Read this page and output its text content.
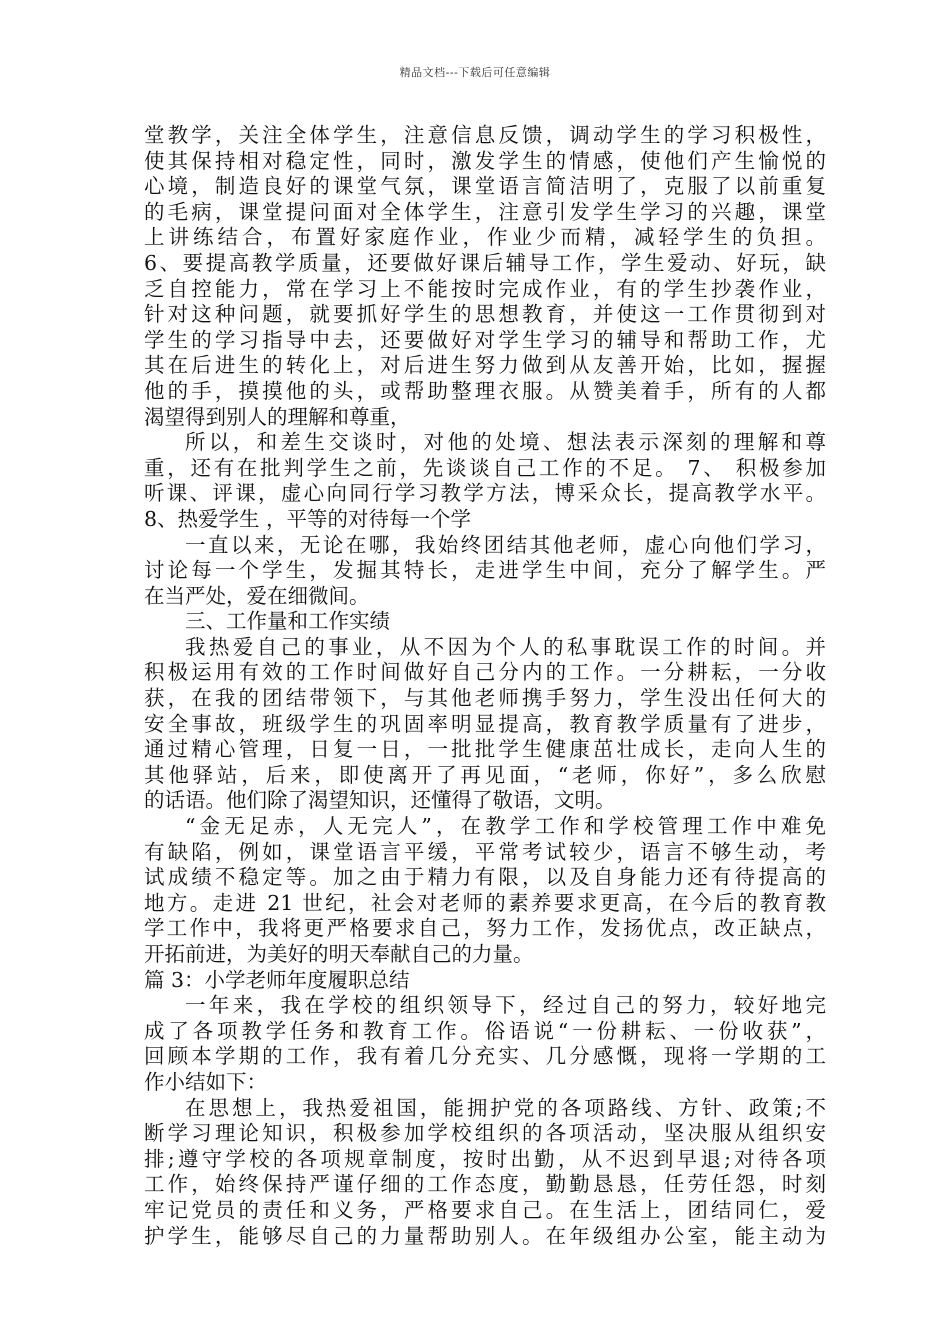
精品文档---下载后可任意编辑
堂教学，关注全体学生，注意信息反馈，调动学生的学习积极性，
使其保持相对稳定性，同时，激发学生的情感，使他们产生愉悦的
心境，制造良好的课堂气氛，课堂语言简洁明了，克服了以前重复
的毛病，课堂提问面对全体学生，注意引发学生学习的兴趣，课堂
上讲练结合，布置好家庭作业，作业少而精，减轻学生的负担。
6、要提高教学质量，还要做好课后辅导工作，学生爱动、好玩，缺
乏自控能力，常在学习上不能按时完成作业，有的学生抄袭作业，
针对这种问题，就要抓好学生的思想教育，并使这一工作贯彻到对
学生的学习指导中去，还要做好对学生学习的辅导和帮助工作，尤
其在后进生的转化上，对后进生努力做到从友善开始，比如，握握
他的手，摸摸他的头，或帮助整理衣服。从赞美着手，所有的人都
渴望得到别人的理解和尊重，
所以，和差生交谈时，对他的处境、想法表示深刻的理解和尊
重，还有在批判学生之前，先谈谈自己工作的不足。 7、 积极参加
听课、评课，虚心向同行学习教学方法，博采众长，提高教学水平。
8、热爱学生 ，平等的对待每一个学
一直以来，无论在哪，我始终团结其他老师，虚心向他们学习，
讨论每一个学生，发掘其特长，走进学生中间，充分了解学生。严
在当严处，爱在细微间。
三、工作量和工作实绩
我热爱自己的事业，从不因为个人的私事耽误工作的时间。并
积极运用有效的工作时间做好自己分内的工作。一分耕耘，一分收
获，在我的团结带领下，与其他老师携手努力，学生没出任何大的
安全事故，班级学生的巩固率明显提高，教育教学质量有了进步，
通过精心管理，日复一日，一批批学生健康茁壮成长，走向人生的
其他驿站，后来，即使离开了再见面，“老师，你好”，多么欣慰
的话语。他们除了渴望知识，还懂得了敬语，文明。
“金无足赤，人无完人”，在教学工作和学校管理工作中难免
有缺陷，例如，课堂语言平缓，平常考试较少，语言不够生动，考
试成绩不稳定等。加之由于精力有限，以及自身能力还有待提高的
地方。走进 21 世纪，社会对老师的素养要求更高，在今后的教育教
学工作中，我将更严格要求自己，努力工作，发扬优点，改正缺点，
开拓前进，为美好的明天奉献自己的力量。
篇 3：小学老师年度履职总结
一年来，我在学校的组织领导下，经过自己的努力，较好地完
成了各项教学任务和教育工作。俗语说“一份耕耘、一份收获”，
回顾本学期的工作，我有着几分充实、几分感慨，现将一学期的工
作小结如下：
在思想上，我热爱祖国，能拥护党的各项路线、方针、政策;不
断学习理论知识，积极参加学校组织的各项活动，坚决服从组织安
排;遵守学校的各项规章制度，按时出勤，从不迟到早退;对待各项
工作，始终保持严谨仔细的工作态度，勤勤恳恳，任劳任怨，时刻
牢记党员的责任和义务，严格要求自己。在生活上，团结同仁，爱
护学生，能够尽自己的力量帮助别人。在年级组办公室，能主动为
